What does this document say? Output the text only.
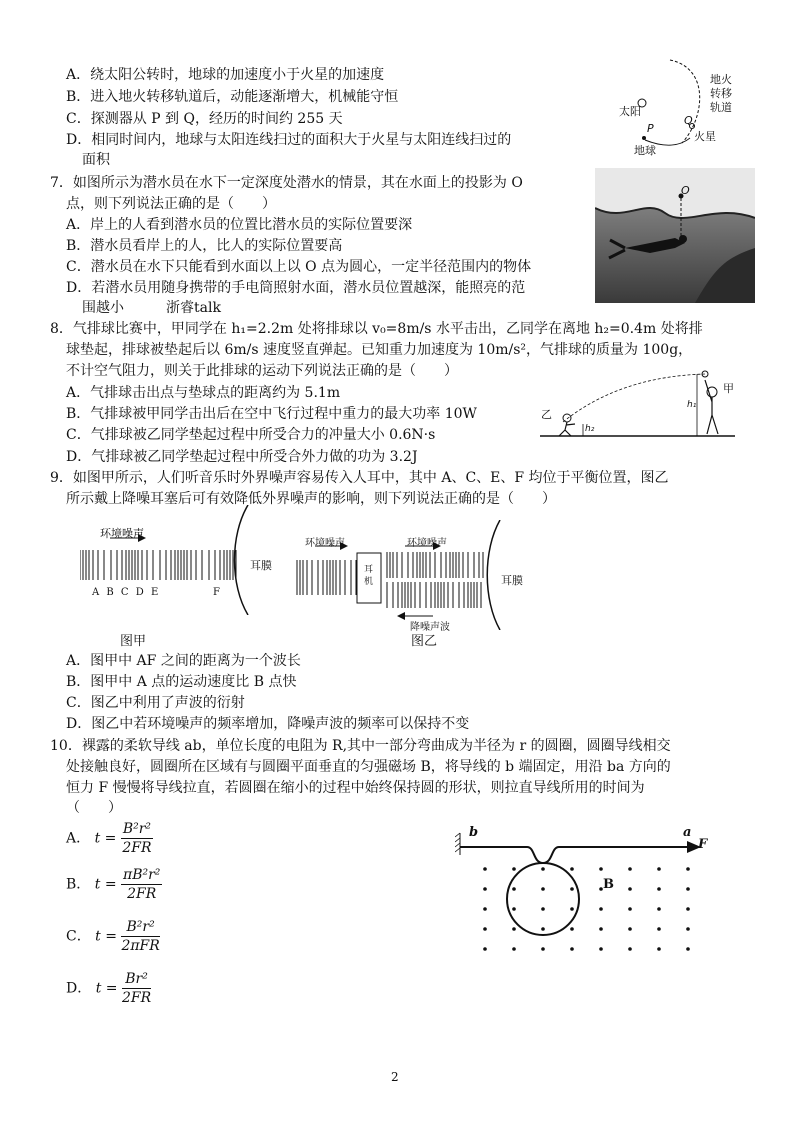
A．绕太阳公转时，地球的加速度小于火星的加速度
B．进入地火转移轨道后，动能逐渐增大，机械能守恒
C．探测器从 P 到 Q，经历的时间约 255 天
D．相同时间内，地球与太阳连线扫过的面积大于火星与太阳连线扫过的
面积
太阳
地火
转移
轨道
P
Q
地球
火星
7．如图所示为潜水员在水下一定深度处潜水的情景，其在水面上的投影为 O
点，则下列说法正确的是（　　）
A．岸上的人看到潜水员的位置比潜水员的实际位置要深
B．潜水员看岸上的人，比人的实际位置要高
C．潜水员在水下只能看到水面以上以 O 点为圆心，一定半径范围内的物体
D．若潜水员用随身携带的手电筒照射水面，潜水员位置越深，能照亮的范
围越小　　　浙睿talk
O
8．气排球比赛中，甲同学在 h₁=2.2m 处将排球以 v₀=8m/s 水平击出，乙同学在离地 h₂=0.4m 处将排
球垫起，排球被垫起后以 6m/s 速度竖直弹起。已知重力加速度为 10m/s²，气排球的质量为 100g，
不计空气阻力，则关于此排球的运动下列说法正确的是（　　）
A．气排球击出点与垫球点的距离约为 5.1m
B．气排球被甲同学击出后在空中飞行过程中重力的最大功率 10W
C．气排球被乙同学垫起过程中所受合力的冲量大小 0.6N·s
D．气排球被乙同学垫起过程中所受合外力做的功为 3.2J
甲
乙
h₁
h₂
9．如图甲所示，人们听音乐时外界噪声容易传入人耳中，其中 A、C、E、F 均位于平衡位置，图乙
所示戴上降噪耳塞后可有效降低外界噪声的影响，则下列说法正确的是（　　）
环境噪声
耳膜
A B C D E	F
图甲
环境噪声	环境噪声
耳机
降噪声波
耳膜
图乙
A．图甲中 AF 之间的距离为一个波长
B．图甲中 A 点的运动速度比 B 点快
C．图乙中利用了声波的衍射
D．图乙中若环境噪声的频率增加，降噪声波的频率可以保持不变
10．裸露的柔软导线 ab，单位长度的电阻为 R,其中一部分弯曲成为半径为 r 的圆圈，圆圈导线相交
处接触良好，圆圈所在区域有与圆圈平面垂直的匀强磁场 B，将导线的 b 端固定，用沿 ba 方向的
恒力 F 慢慢将导线拉直，若圆圈在缩小的过程中始终保持圆的形状，则拉直导线所用的时间为
（　　）
A． $t = \frac{\text{B²r²}}{2FR}$
B． $t = \frac{\text{πB²r²}}{2FR}$
C． $t = \frac{\text{B²r²}}{\text{2πFR}}$
D． $t = \frac{\text{Br²}}{2FR}$
b	a
F
B
2
